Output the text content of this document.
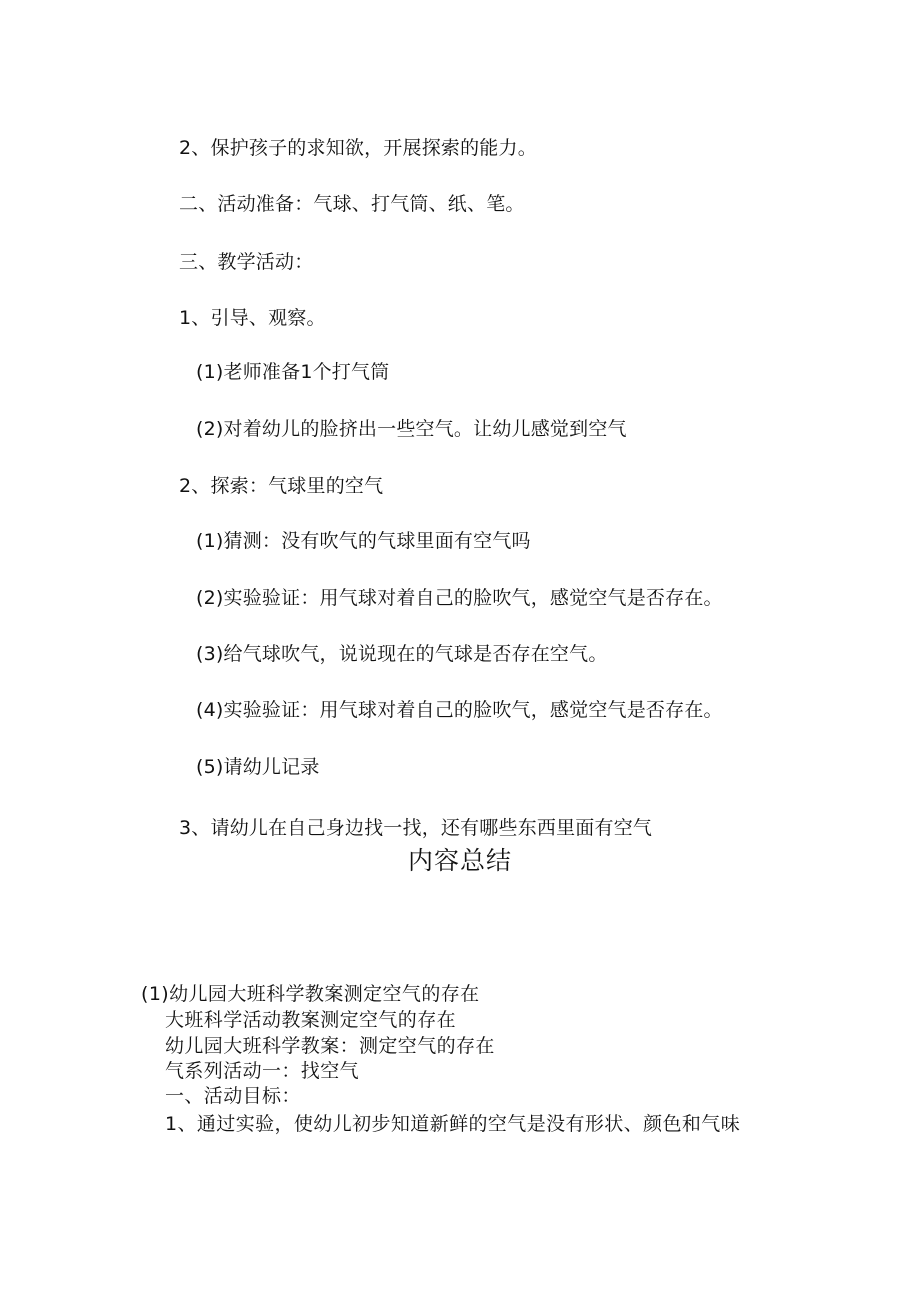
2、保护孩子的求知欲，开展探索的能力。
二、活动准备：气球、打气筒、纸、笔。
三、教学活动：
1、引导、观察。
(1)老师准备1个打气筒
(2)对着幼儿的脸挤出一些空气。让幼儿感觉到空气
2、探索：气球里的空气
(1)猜测：没有吹气的气球里面有空气吗
(2)实验验证：用气球对着自己的脸吹气，感觉空气是否存在。
(3)给气球吹气，说说现在的气球是否存在空气。
(4)实验验证：用气球对着自己的脸吹气，感觉空气是否存在。
(5)请幼儿记录
3、请幼儿在自己身边找一找，还有哪些东西里面有空气
内容总结
(1)幼儿园大班科学教案测定空气的存在
大班科学活动教案测定空气的存在
幼儿园大班科学教案：测定空气的存在
气系列活动一：找空气
一、活动目标：
1、通过实验，使幼儿初步知道新鲜的空气是没有形状、颜色和气味
